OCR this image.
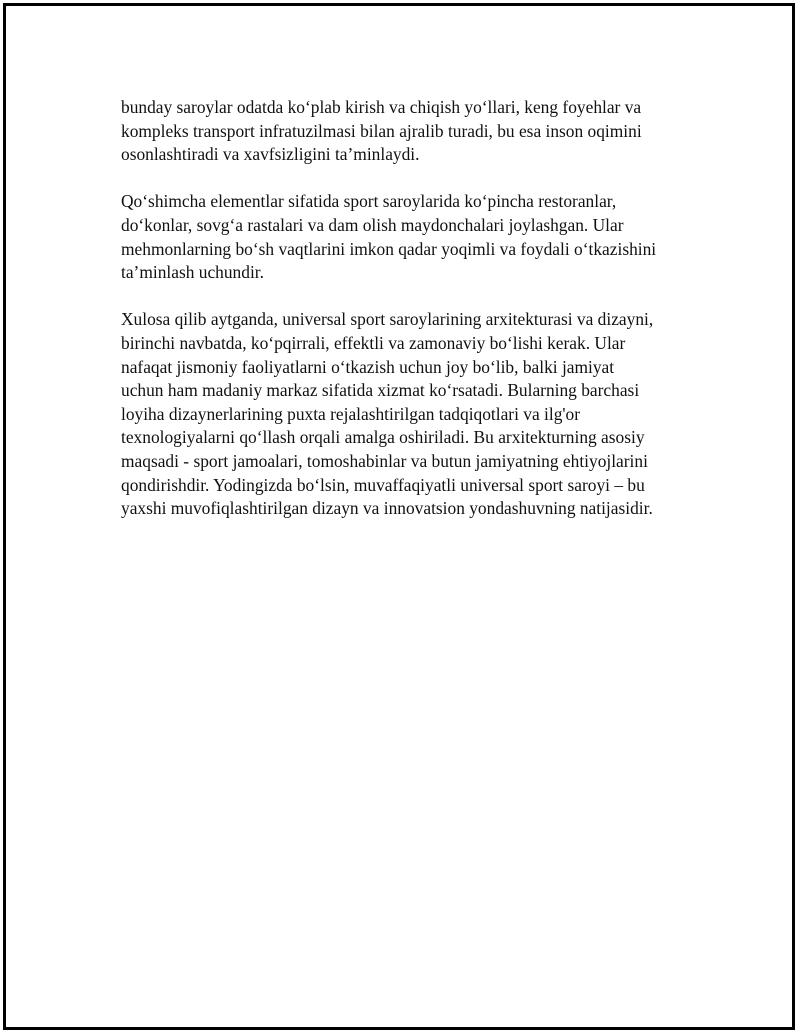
bunday saroylar odatda koʻplab kirish va chiqish yoʻllari, keng foyehlar va
kompleks transport infratuzilmasi bilan ajralib turadi, bu esa inson oqimini
osonlashtiradi va xavfsizligini ta’minlaydi.

Qoʻshimcha elementlar sifatida sport saroylarida koʻpincha restoranlar,
doʻkonlar, sovgʻa rastalari va dam olish maydonchalari joylashgan. Ular
mehmonlarning boʻsh vaqtlarini imkon qadar yoqimli va foydali oʻtkazishini
ta’minlash uchundir.

Xulosa qilib aytganda, universal sport saroylarining arxitekturasi va dizayni,
birinchi navbatda, koʻpqirrali, effektli va zamonaviy boʻlishi kerak. Ular
nafaqat jismoniy faoliyatlarni oʻtkazish uchun joy boʻlib, balki jamiyat
uchun ham madaniy markaz sifatida xizmat koʻrsatadi. Bularning barchasi
loyiha dizaynerlarining puxta rejalashtirilgan tadqiqotlari va ilg'or
texnologiyalarni qoʻllash orqali amalga oshiriladi. Bu arxitekturning asosiy
maqsadi - sport jamoalari, tomoshabinlar va butun jamiyatning ehtiyojlarini
qondirishdir. Yodingizda boʻlsin, muvaffaqiyatli universal sport saroyi – bu
yaxshi muvofiqlashtirilgan dizayn va innovatsion yondashuvning natijasidir.
